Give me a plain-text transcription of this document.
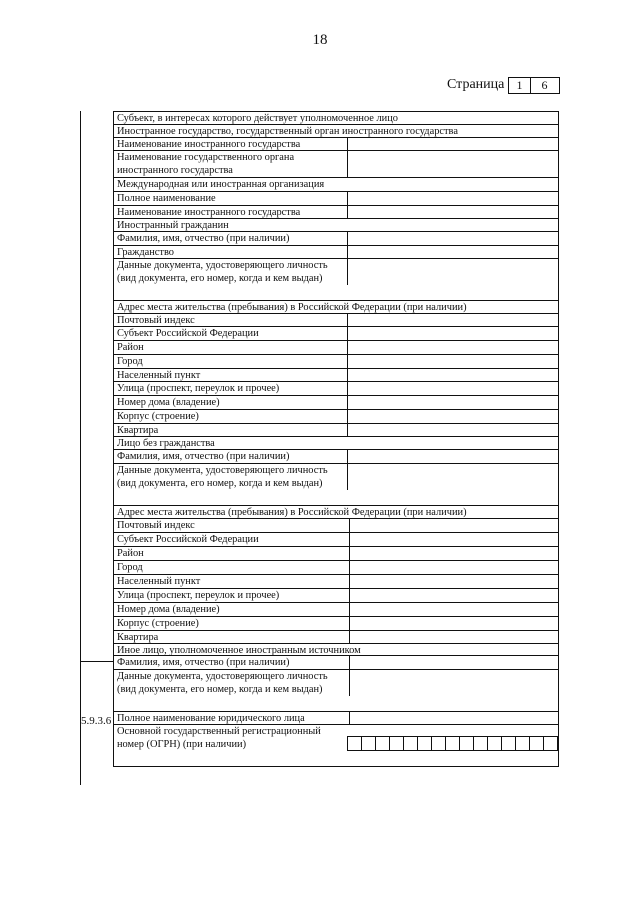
18
Страница	1	6
5.9.3.6
Субъект, в интересах которого действует уполномоченное лицо
Иностранное государство, государственный орган иностранного государства
Наименование иностранного государства
Наименование государственного органа иностранного государства
Международная или иностранная организация
Полное наименование
Наименование иностранного государства
Иностранный гражданин
Фамилия, имя, отчество (при наличии)
Гражданство
Данные документа, удостоверяющего личность (вид документа, его номер, когда и кем выдан)
Адрес места жительства (пребывания) в Российской Федерации (при наличии)
Почтовый индекс
Субъект Российской Федерации
Район
Город
Населенный пункт
Улица (проспект, переулок и прочее)
Номер дома (владение)
Корпус (строение)
Квартира
Лицо без гражданства
Фамилия, имя, отчество (при наличии)
Данные документа, удостоверяющего личность (вид документа, его номер, когда и кем выдан)
Адрес места жительства (пребывания) в Российской Федерации (при наличии)
Почтовый индекс
Субъект Российской Федерации
Район
Город
Населенный пункт
Улица (проспект, переулок и прочее)
Номер дома (владение)
Корпус (строение)
Квартира
Иное лицо, уполномоченное иностранным источником
Фамилия, имя, отчество (при наличии)
Данные документа, удостоверяющего личность (вид документа, его номер, когда и кем выдан)
Полное наименование юридического лица
Основной государственный регистрационный номер (ОГРН) (при наличии)
